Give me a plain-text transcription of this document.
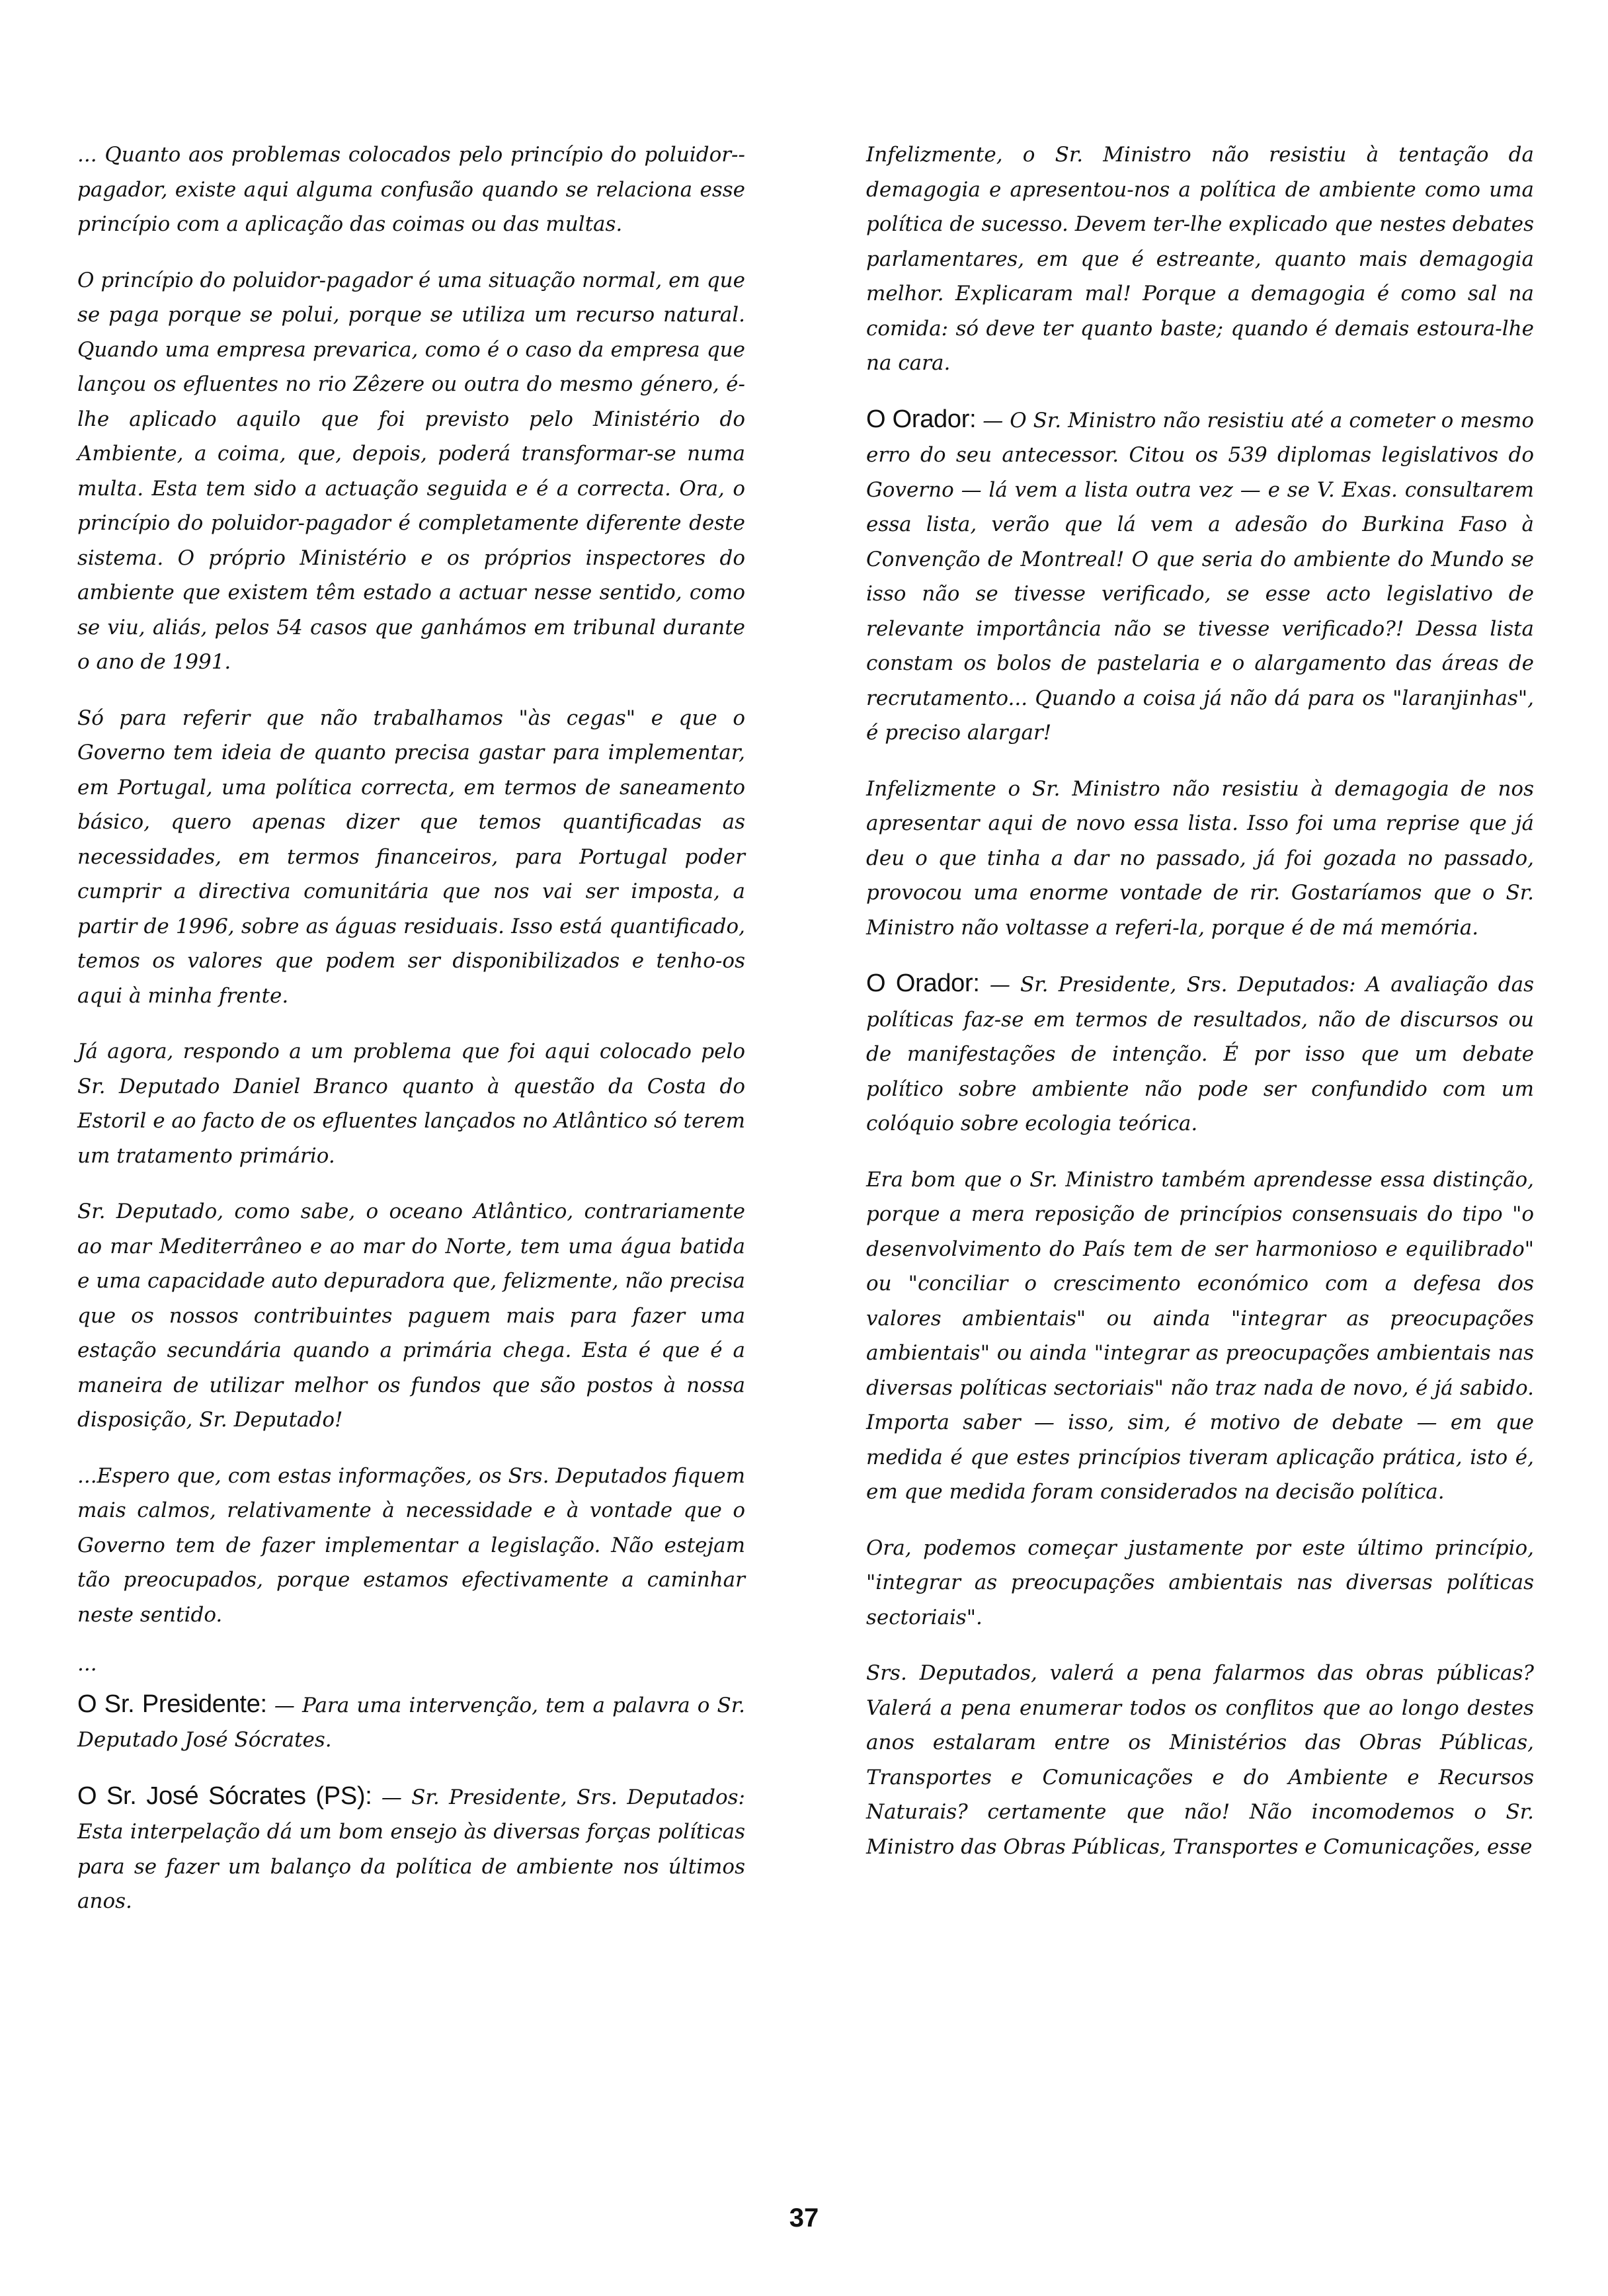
... Quanto aos problemas colocados pelo princípio do poluidor--pagador, existe aqui alguma confusão quando se relaciona esse princípio com a aplicação das coimas ou das multas.

O princípio do poluidor-pagador é uma situação normal, em que se paga porque se polui, porque se utiliza um recurso natural. Quando uma empresa prevarica, como é o caso da empresa que lançou os efluentes no rio Zêzere ou outra do mesmo género, é-lhe aplicado aquilo que foi previsto pelo Ministério do Ambiente, a coima, que, depois, poderá transformar-se numa multa. Esta tem sido a actuação seguida e é a correcta. Ora, o princípio do poluidor-pagador é completamente diferente deste sistema. O próprio Ministério e os próprios inspectores do ambiente que existem têm estado a actuar nesse sentido, como se viu, aliás, pelos 54 casos que ganhámos em tribunal durante o ano de 1991.

Só para referir que não trabalhamos "às cegas" e que o Governo tem ideia de quanto precisa gastar para implementar, em Portugal, uma política correcta, em termos de saneamento básico, quero apenas dizer que temos quantificadas as necessidades, em termos financeiros, para Portugal poder cumprir a directiva comunitária que nos vai ser imposta, a partir de 1996, sobre as águas residuais. Isso está quantificado, temos os valores que podem ser disponibilizados e tenho-os aqui à minha frente.

Já agora, respondo a um problema que foi aqui colocado pelo Sr. Deputado Daniel Branco quanto à questão da Costa do Estoril e ao facto de os efluentes lançados no Atlântico só terem um tratamento primário.

Sr. Deputado, como sabe, o oceano Atlântico, contrariamente ao mar Mediterrâneo e ao mar do Norte, tem uma água batida e uma capacidade auto depuradora que, felizmente, não precisa que os nossos contribuintes paguem mais para fazer uma estação secundária quando a primária chega. Esta é que é a maneira de utilizar melhor os fundos que são postos à nossa disposição, Sr. Deputado!

...Espero que, com estas informações, os Srs. Deputados fiquem mais calmos, relativamente à necessidade e à vontade que o Governo tem de fazer implementar a legislação. Não estejam tão preocupados, porque estamos efectivamente a caminhar neste sentido.

...

O Sr. Presidente: — Para uma intervenção, tem a palavra o Sr. Deputado José Sócrates.

O Sr. José Sócrates (PS): — Sr. Presidente, Srs. Deputados: Esta interpelação dá um bom ensejo às diversas forças políticas para se fazer um balanço da política de ambiente nos últimos anos.

Infelizmente, o Sr. Ministro não resistiu à tentação da demagogia e apresentou-nos a política de ambiente como uma política de sucesso. Devem ter-lhe explicado que nestes debates parlamentares, em que é estreante, quanto mais demagogia melhor. Explicaram mal! Porque a demagogia é como sal na comida: só deve ter quanto baste; quando é demais estoura-lhe na cara.

O Orador: — O Sr. Ministro não resistiu até a cometer o mesmo erro do seu antecessor. Citou os 539 diplomas legislativos do Governo — lá vem a lista outra vez — e se V. Exas. consultarem essa lista, verão que lá vem a adesão do Burkina Faso à Convenção de Montreal! O que seria do ambiente do Mundo se isso não se tivesse verificado, se esse acto legislativo de relevante importância não se tivesse verificado?! Dessa lista constam os bolos de pastelaria e o alargamento das áreas de recrutamento... Quando a coisa já não dá para os "laranjinhas", é preciso alargar!

Infelizmente o Sr. Ministro não resistiu à demagogia de nos apresentar aqui de novo essa lista. Isso foi uma reprise que já deu o que tinha a dar no passado, já foi gozada no passado, provocou uma enorme vontade de rir. Gostaríamos que o Sr. Ministro não voltasse a referi-la, porque é de má memória.

O Orador: — Sr. Presidente, Srs. Deputados: A avaliação das políticas faz-se em termos de resultados, não de discursos ou de manifestações de intenção. É por isso que um debate político sobre ambiente não pode ser confundido com um colóquio sobre ecologia teórica.

Era bom que o Sr. Ministro também aprendesse essa distinção, porque a mera reposição de princípios consensuais do tipo "o desenvolvimento do País tem de ser harmonioso e equilibrado" ou "conciliar o crescimento económico com a defesa dos valores ambientais" ou ainda "integrar as preocupações ambientais" ou ainda "integrar as preocupações ambientais nas diversas políticas sectoriais" não traz nada de novo, é já sabido. Importa saber — isso, sim, é motivo de debate — em que medida é que estes princípios tiveram aplicação prática, isto é, em que medida foram considerados na decisão política.

Ora, podemos começar justamente por este último princípio, "integrar as preocupações ambientais nas diversas políticas sectoriais".

Srs. Deputados, valerá a pena falarmos das obras públicas? Valerá a pena enumerar todos os conflitos que ao longo destes anos estalaram entre os Ministérios das Obras Públicas, Transportes e Comunicações e do Ambiente e Recursos Naturais? certamente que não! Não incomodemos o Sr. Ministro das Obras Públicas, Transportes e Comunicações, esse

37
